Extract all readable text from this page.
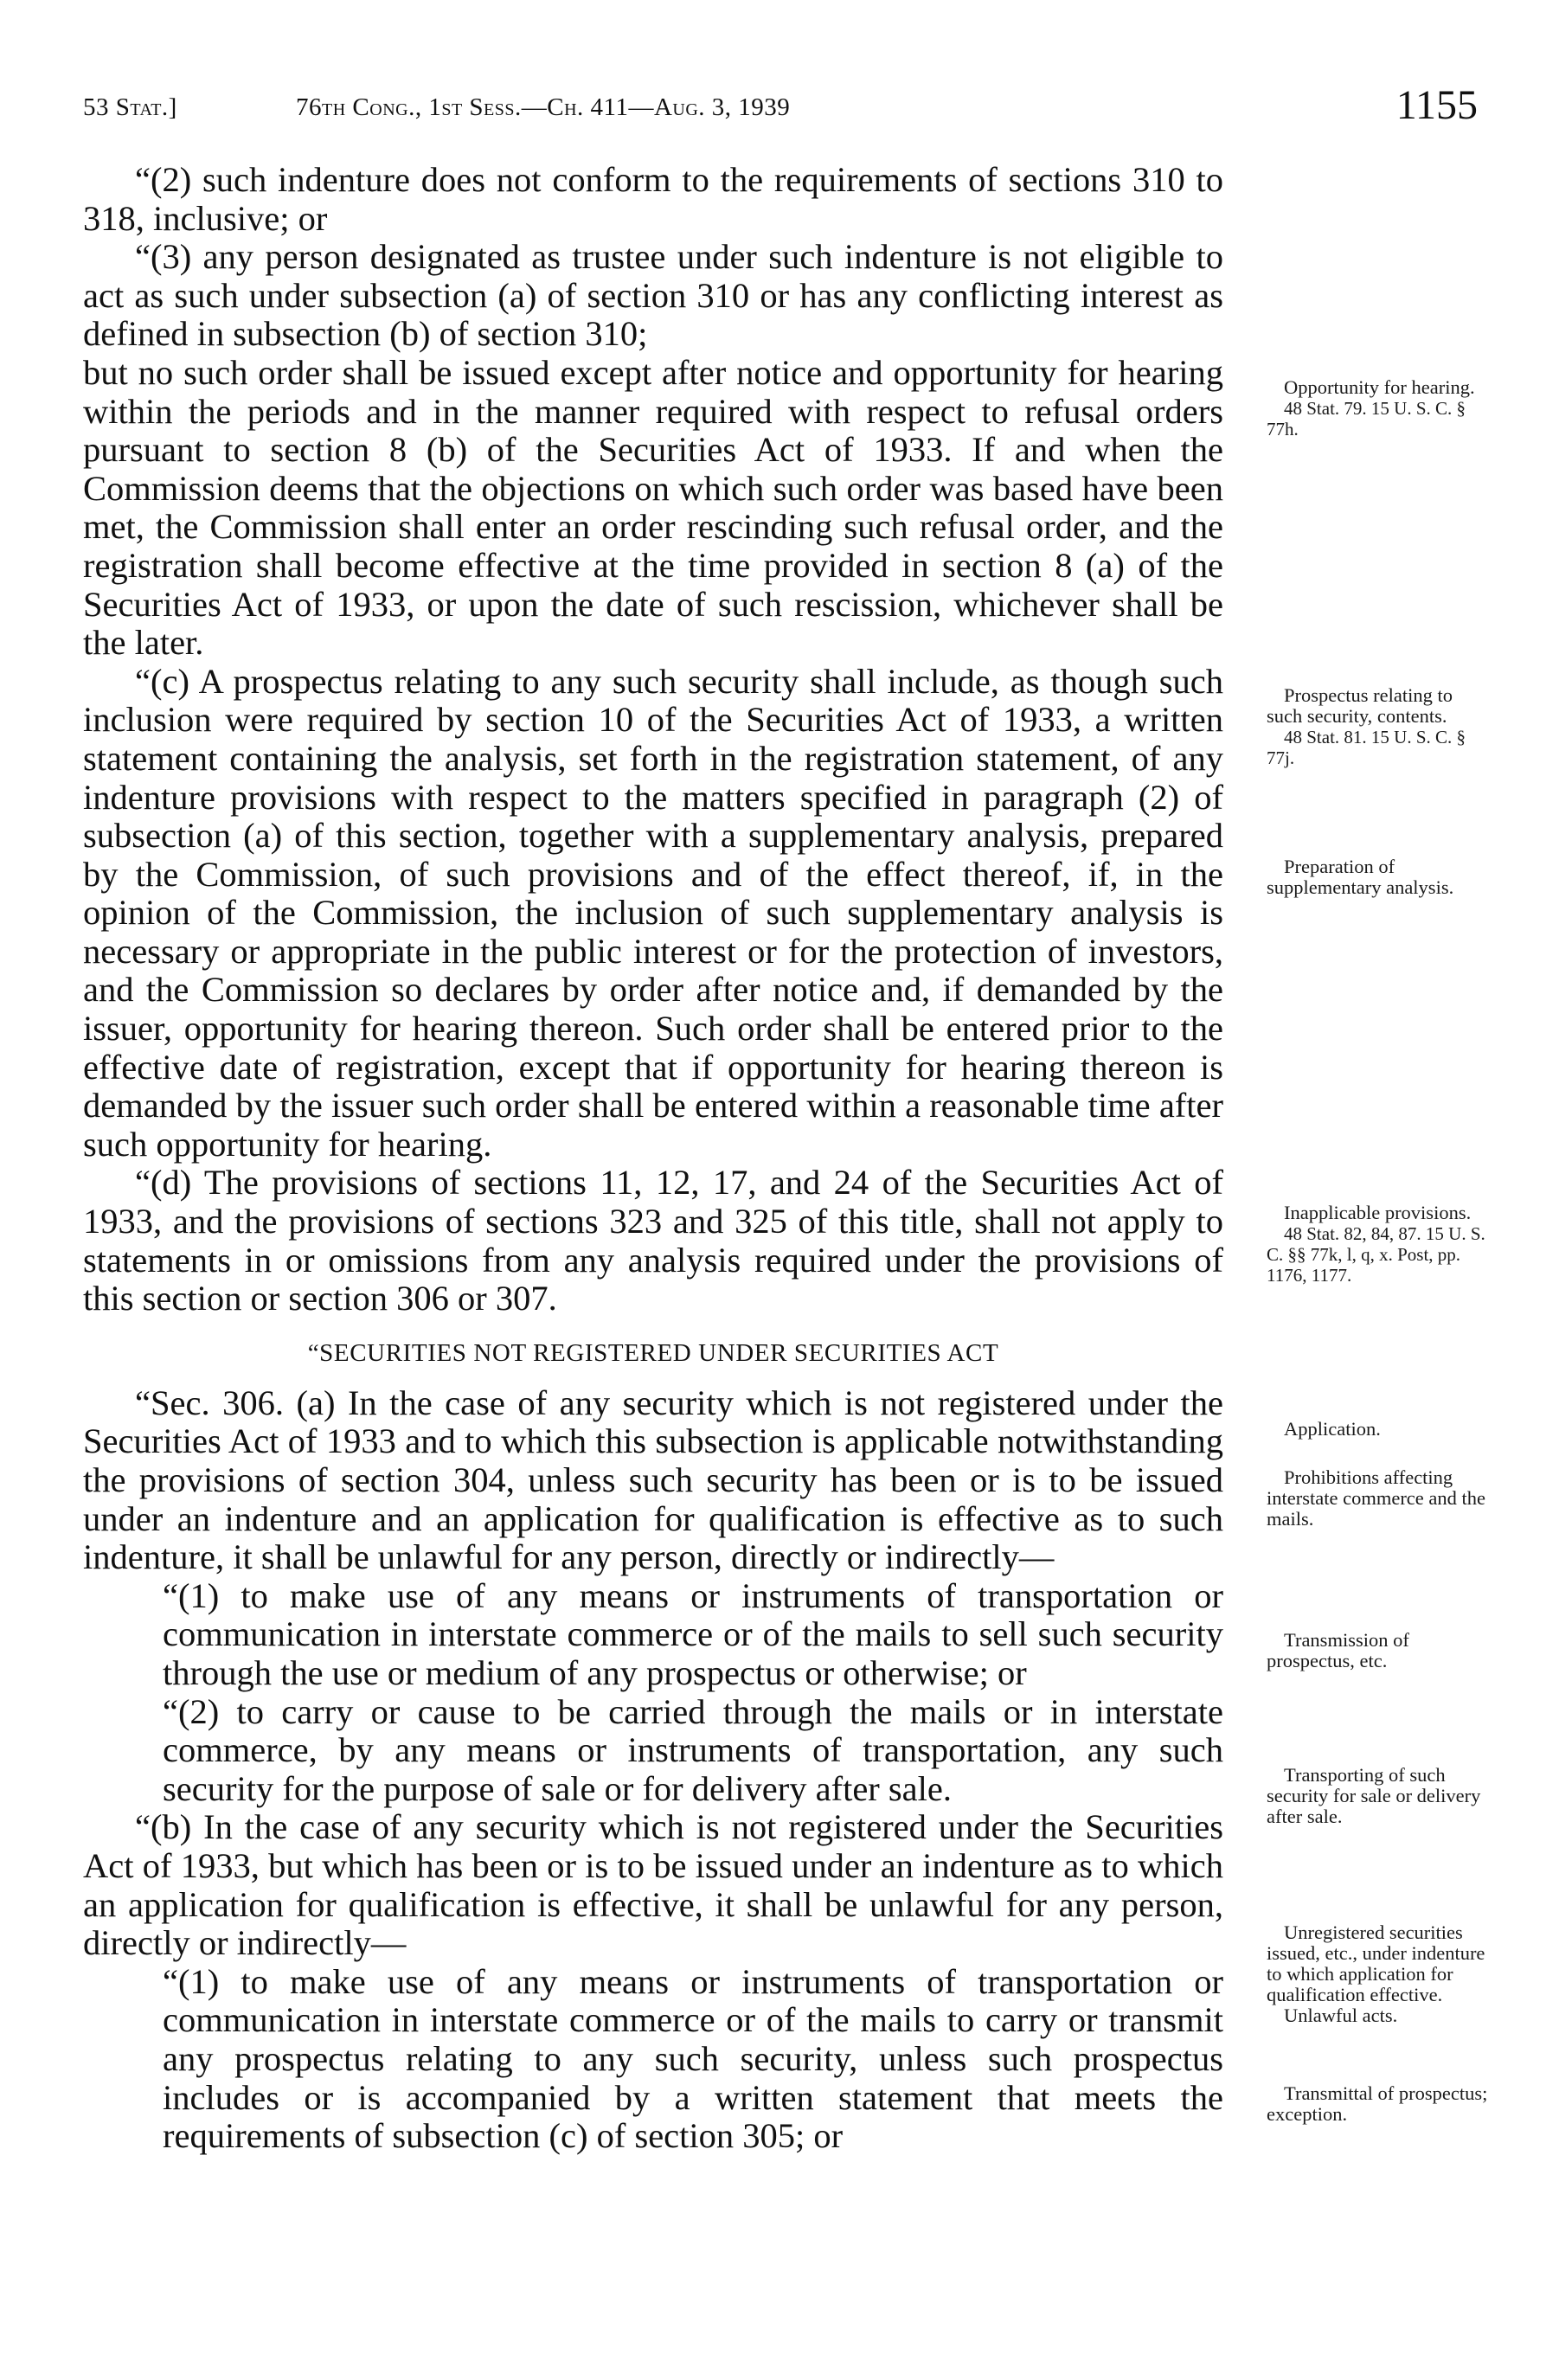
53 Stat.]	76th Cong., 1st Sess.—Ch. 411—Aug. 3, 1939	1155

“(2) such indenture does not conform to the requirements of sections 310 to 318, inclusive; or

“(3) any person designated as trustee under such indenture is not eligible to act as such under subsection (a) of section 310 or has any conflicting interest as defined in subsection (b) of section 310;

but no such order shall be issued except after notice and opportunity for hearing within the periods and in the manner required with respect to refusal orders pursuant to section 8 (b) of the Securities Act of 1933. If and when the Commission deems that the objections on which such order was based have been met, the Commission shall enter an order rescinding such refusal order, and the registration shall become effective at the time provided in section 8 (a) of the Securities Act of 1933, or upon the date of such rescission, whichever shall be the later.

“(c) A prospectus relating to any such security shall include, as though such inclusion were required by section 10 of the Securities Act of 1933, a written statement containing the analysis, set forth in the registration statement, of any indenture provisions with respect to the matters specified in paragraph (2) of subsection (a) of this section, together with a supplementary analysis, prepared by the Commission, of such provisions and of the effect thereof, if, in the opinion of the Commission, the inclusion of such supplementary analysis is necessary or appropriate in the public interest or for the protection of investors, and the Commission so declares by order after notice and, if demanded by the issuer, opportunity for hearing thereon. Such order shall be entered prior to the effective date of registration, except that if opportunity for hearing thereon is demanded by the issuer such order shall be entered within a reasonable time after such opportunity for hearing.

“(d) The provisions of sections 11, 12, 17, and 24 of the Securities Act of 1933, and the provisions of sections 323 and 325 of this title, shall not apply to statements in or omissions from any analysis required under the provisions of this section or section 306 or 307.

“SECURITIES NOT REGISTERED UNDER SECURITIES ACT

“Sec. 306. (a) In the case of any security which is not registered under the Securities Act of 1933 and to which this subsection is applicable notwithstanding the provisions of section 304, unless such security has been or is to be issued under an indenture and an application for qualification is effective as to such indenture, it shall be unlawful for any person, directly or indirectly—

“(1) to make use of any means or instruments of transportation or communication in interstate commerce or of the mails to sell such security through the use or medium of any prospectus or otherwise; or

“(2) to carry or cause to be carried through the mails or in interstate commerce, by any means or instruments of transportation, any such security for the purpose of sale or for delivery after sale.

“(b) In the case of any security which is not registered under the Securities Act of 1933, but which has been or is to be issued under an indenture as to which an application for qualification is effective, it shall be unlawful for any person, directly or indirectly—

“(1) to make use of any means or instruments of transportation or communication in interstate commerce or of the mails to carry or transmit any prospectus relating to any such security, unless such prospectus includes or is accompanied by a written statement that meets the requirements of subsection (c) of section 305; or

Opportunity for hearing.
48 Stat. 79. 15 U. S. C. § 77h.
Prospectus relating to such security, contents.
48 Stat. 81. 15 U. S. C. § 77j.
Preparation of supplementary analysis.
Inapplicable provisions.
48 Stat. 82, 84, 87. 15 U. S. C. §§ 77k, l, q, x. Post, pp. 1176, 1177.
Application.
Prohibitions affecting interstate commerce and the mails.
Transmission of prospectus, etc.
Transporting of such security for sale or delivery after sale.
Unregistered securities issued, etc., under indenture to which application for qualification effective.
Unlawful acts.
Transmittal of prospectus; exception.
